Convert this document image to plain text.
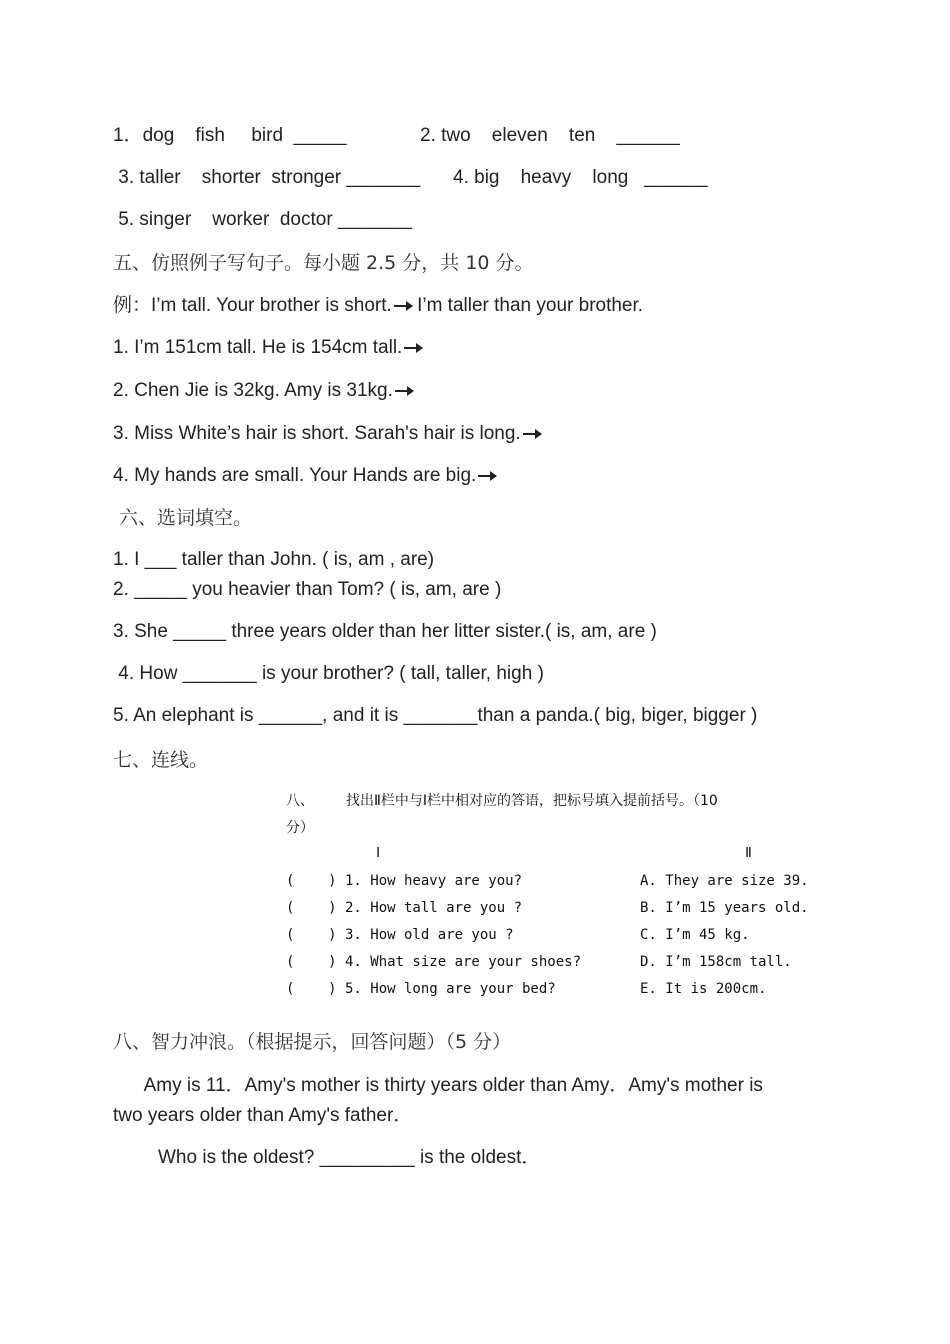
1．dog    fish     bird  _____	2. two    eleven    ten    ______
3. taller    shorter  stronger _______ 4. big    heavy    long   ______
5. singer    worker  doctor _______
五、仿照例子写句子。每小题 2.5 分，共 10 分。
例：I’m tall. Your brother is short. I’m taller than your brother.
1. I’m 151cm tall. He is 154cm tall.
2. Chen Jie is 32kg. Amy is 31kg.
3. Miss White’s hair is short. Sarah's hair is long.
4. My hands are small. Your Hands are big.
六、选词填空。
1. I ___ taller than John. ( is, am , are)
2. _____ you heavier than Tom? ( is, am, are )
3. She _____ three years older than her litter sister.( is, am, are )
4. How _______ is your brother? ( tall, taller, high )
5. An elephant is ______, and it is _______than a panda.( big, biger, bigger )
七、连线。
八、 找出Ⅱ栏中与Ⅰ栏中相对应的答语，把标号填入提前括号。（10
分）
Ⅰ	Ⅱ
(    ) 1. How heavy are you?
(    ) 2. How tall are you ?
(    ) 3. How old are you ?
(    ) 4. What size are your shoes?
(    ) 5. How long are your bed?
A. They are size 39.
B. I’m 15 years old.
C. I’m 45 kg.
D. I’m 158cm tall.
E. It is 200cm.
八、智力冲浪。（根据提示，回答问题）（5 分）
Amy is 11．Amy's mother is thirty years older than Amy．Amy's mother is
two years older than Amy's father．
Who is the oldest? _________ is the oldest．
